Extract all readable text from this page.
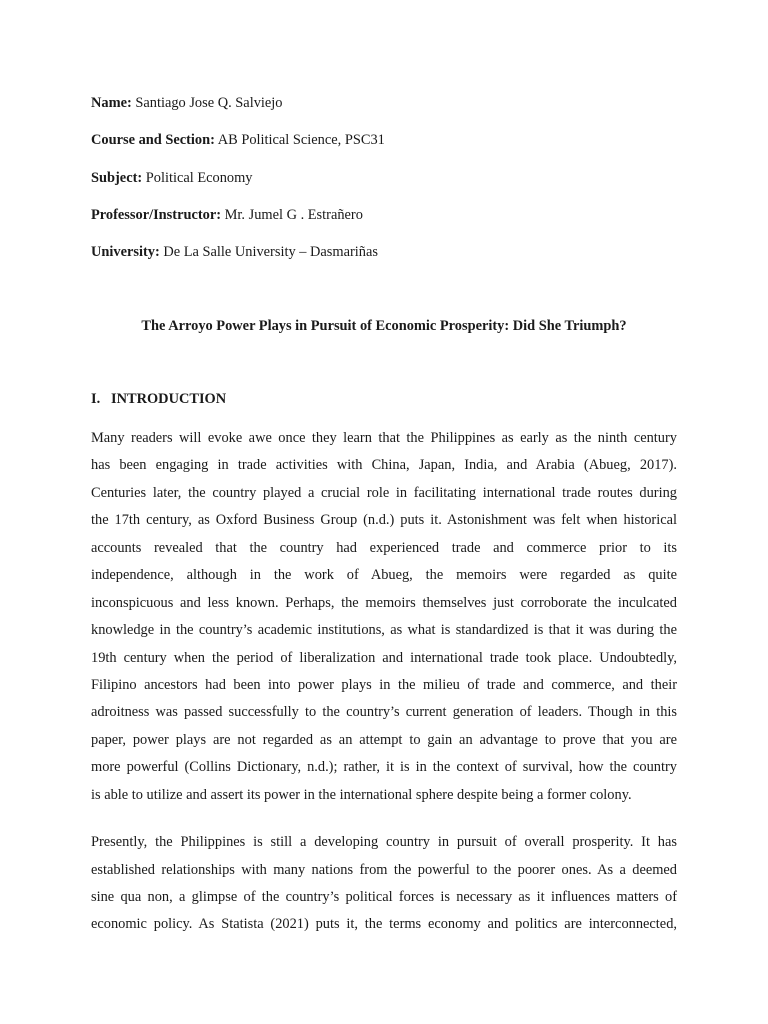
Name: Santiago Jose Q. Salviejo
Course and Section: AB Political Science, PSC31
Subject: Political Economy
Professor/Instructor: Mr. Jumel G . Estrañero
University: De La Salle University – Dasmariñas
The Arroyo Power Plays in Pursuit of Economic Prosperity: Did She Triumph?
I. INTRODUCTION
Many readers will evoke awe once they learn that the Philippines as early as the ninth century
has been engaging in trade activities with China, Japan, India, and Arabia (Abueg, 2017).
Centuries later, the country played a crucial role in facilitating international trade routes during
the 17th century, as Oxford Business Group (n.d.) puts it. Astonishment was felt when historical
accounts revealed that the country had experienced trade and commerce prior to its
independence, although in the work of Abueg, the memoirs were regarded as quite
inconspicuous and less known. Perhaps, the memoirs themselves just corroborate the inculcated
knowledge in the country’s academic institutions, as what is standardized is that it was during the
19th century when the period of liberalization and international trade took place. Undoubtedly,
Filipino ancestors had been into power plays in the milieu of trade and commerce, and their
adroitness was passed successfully to the country’s current generation of leaders. Though in this
paper, power plays are not regarded as an attempt to gain an advantage to prove that you are
more powerful (Collins Dictionary, n.d.); rather, it is in the context of survival, how the country
is able to utilize and assert its power in the international sphere despite being a former colony.
Presently, the Philippines is still a developing country in pursuit of overall prosperity. It has
established relationships with many nations from the powerful to the poorer ones. As a deemed
sine qua non, a glimpse of the country’s political forces is necessary as it influences matters of
economic policy. As Statista (2021) puts it, the terms economy and politics are interconnected,
